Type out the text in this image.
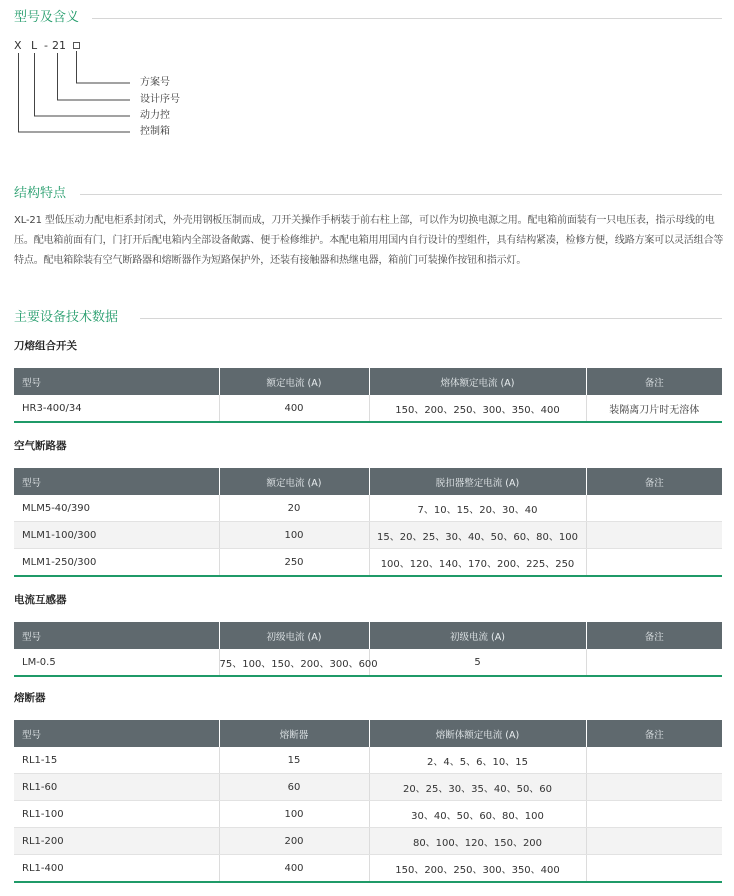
型号及含义
X L - 21
方案号
设计序号
动力控
控制箱
结构特点

XL-21 型低压动力配电柜系封闭式，外壳用钢板压制而成，刀开关操作手柄装于前右柱上部，可以作为切换电源之用。配电箱前面装有一只电压表，指示母线的电压。配电箱前面有门，门打开后配电箱内全部设备敞露、便于检修维护。本配电箱用用国内自行设计的型组件，具有结构紧凑，检修方便，线路方案可以灵活组合等特点。配电箱除装有空气断路器和熔断器作为短路保护外，还装有接触器和热继电器，箱前门可装操作按钮和指示灯。

主要设备技术数据
刀熔组合开关
型号	额定电流 (A)	熔体额定电流 (A)	备注
HR3-400/34	400	150、200、250、300、350、400	装隔离刀片时无溶体
空气断路器
型号	额定电流 (A)	脱扣器整定电流 (A)	备注
MLM5-40/390	20	7、10、15、20、30、40	
MLM1-100/300	100	15、20、25、30、40、50、60、80、100	
MLM1-250/300	250	100、120、140、170、200、225、250	
电流互感器
型号	初级电流 (A)	初级电流 (A)	备注
LM-0.5	75、100、150、200、300、600	5	
熔断器
型号	熔断器	熔断体额定电流 (A)	备注
RL1-15	15	2、4、5、6、10、15	
RL1-60	60	20、25、30、35、40、50、60	
RL1-100	100	30、40、50、60、80、100	
RL1-200	200	80、100、120、150、200	
RL1-400	400	150、200、250、300、350、400	
